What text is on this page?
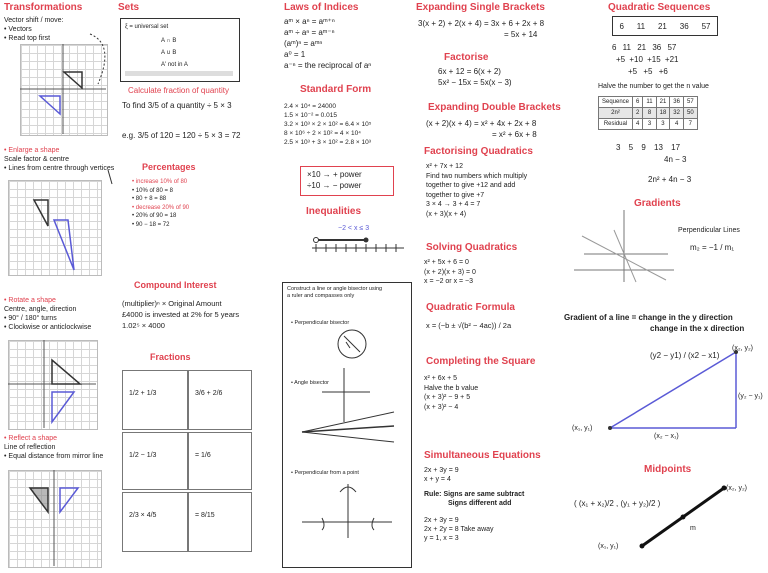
Transformations
Vector shift / move:
• Vectors
• Read top first
• Enlarge a shape
Scale factor & centre
• Lines from centre through vertices
• Rotate a shape
Centre, angle, direction
• 90° / 180° turns
• Clockwise or anticlockwise
• Reflect a shape
Line of reflection
• Equal distance from mirror line
Sets
ξ = universal set
A ∩ B
A ∪ B
A' not in A
Calculate fraction of quantity
To find 3/5 of a quantity ÷ 5 × 3
e.g. 3/5 of 120 = 120 ÷ 5 × 3 = 72
Percentages
• increase 10% of 80
• 10% of 80 = 8
• 80 + 8 = 88
• decrease 20% of 90
• 20% of 90 = 18
• 90 − 18 = 72
Compound Interest
(multiplier)ⁿ × Original Amount
£4000 is invested at 2% for 5 years
1.02⁵ × 4000
Fractions
1/2 + 1/3	3/6 + 2/6
1/2 − 1/3	= 1/6
2/3 × 4/5	= 8/15
Laws of Indices
aᵐ × aⁿ = aᵐ⁺ⁿ
aᵐ ÷ aⁿ = aᵐ⁻ⁿ
(aᵐ)ⁿ = aᵐⁿ
a⁰ = 1
a⁻ⁿ = the reciprocal of aⁿ
Standard Form
2.4 × 10⁴ = 24000
1.5 × 10⁻² = 0.015
3.2 × 10³ × 2 × 10² = 6.4 × 10⁵
8 × 10⁶ ÷ 2 × 10² = 4 × 10⁴
2.5 × 10³ + 3 × 10² = 2.8 × 10³
×10 → + power
÷10 → − power
Inequalities
−2 < x ≤ 3
Construct a line or angle bisector using
a ruler and compasses only
• Perpendicular bisector
• Angle bisector
• Perpendicular from a point
Expanding Single Brackets
3(x + 2) + 2(x + 4) = 3x + 6 + 2x + 8
= 5x + 14
Factorise
6x + 12 = 6(x + 2)
5x² − 15x = 5x(x − 3)
Expanding Double Brackets
(x + 2)(x + 4) = x² + 4x + 2x + 8
= x² + 6x + 8
Factorising Quadratics
x² + 7x + 12
Find two numbers which multiply
together to give +12 and add
together to give +7
3 × 4 → 3 + 4 = 7
(x + 3)(x + 4)
Solving Quadratics
x² + 5x + 6 = 0
(x + 2)(x + 3) = 0
x = −2 or x = −3
Quadratic Formula
x = (−b ± √(b² − 4ac)) / 2a
Completing the Square
x² + 6x + 5
Halve the b value
(x + 3)² − 9 + 5
(x + 3)² − 4
Simultaneous Equations
2x + 3y = 9
x + y = 4
Rule: Signs are same subtract
Signs different add
2x + 3y = 9
2x + 2y = 8 Take away
y = 1, x = 3
Quadratic Sequences
6 11 21 36 57
6 11 21 36 57
+5 +10 +15 +21
+5 +5 +6
Halve the number to get the n value
Sequence	6	11	21	36	57
2n²	2	8	18	32	50
Residual	4	3	3	4	7
3 5 9 13 17
4n − 3
2n² + 4n − 3
Gradients
Perpendicular Lines
m₂ = −1 / m₁
Gradient of a line = change in the y direction
change in the x direction
(y2 − y1) / (x2 − x1)
(x₁, y₁)
(x₂, y₂)
(x₂ − x₁)
(y₂ − y₁)
Midpoints
( (x₁ + x₂)/2 , (y₁ + y₂)/2 )
(x₁, y₁)
(x₂, y₂)
m
